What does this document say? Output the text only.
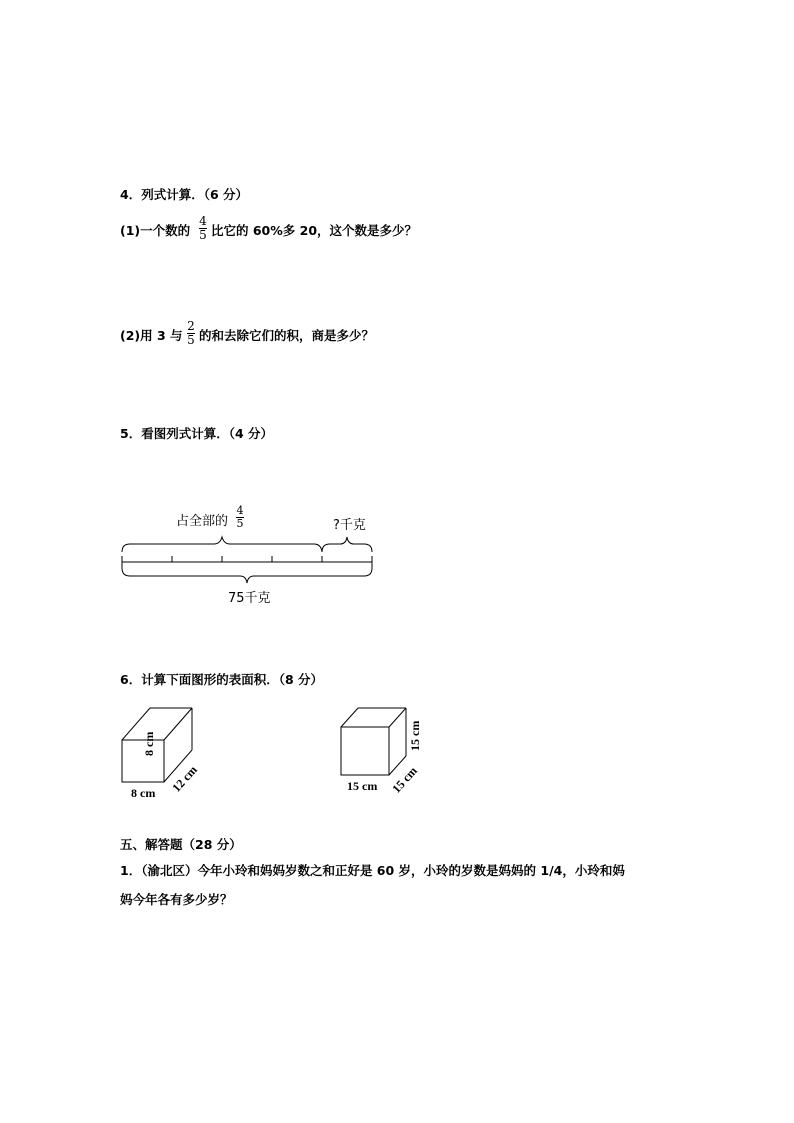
4．列式计算．（6 分）
(1)一个数的
4
5 比它的 60%多 20，这个数是多少？
(2)用 3 与
2
5 的和去除它们的积，商是多少？
5．看图列式计算．（4 分）
占全部的
4
5	?千克
75千克
6．计算下面图形的表面积．（8 分）
8 cm
12 cm
8 cm
15 cm
15 cm
15 cm
五、解答题（28 分）
1．（渝北区）今年小玲和妈妈岁数之和正好是 60 岁，小玲的岁数是妈妈的 1/4，小玲和妈
妈今年各有多少岁？
